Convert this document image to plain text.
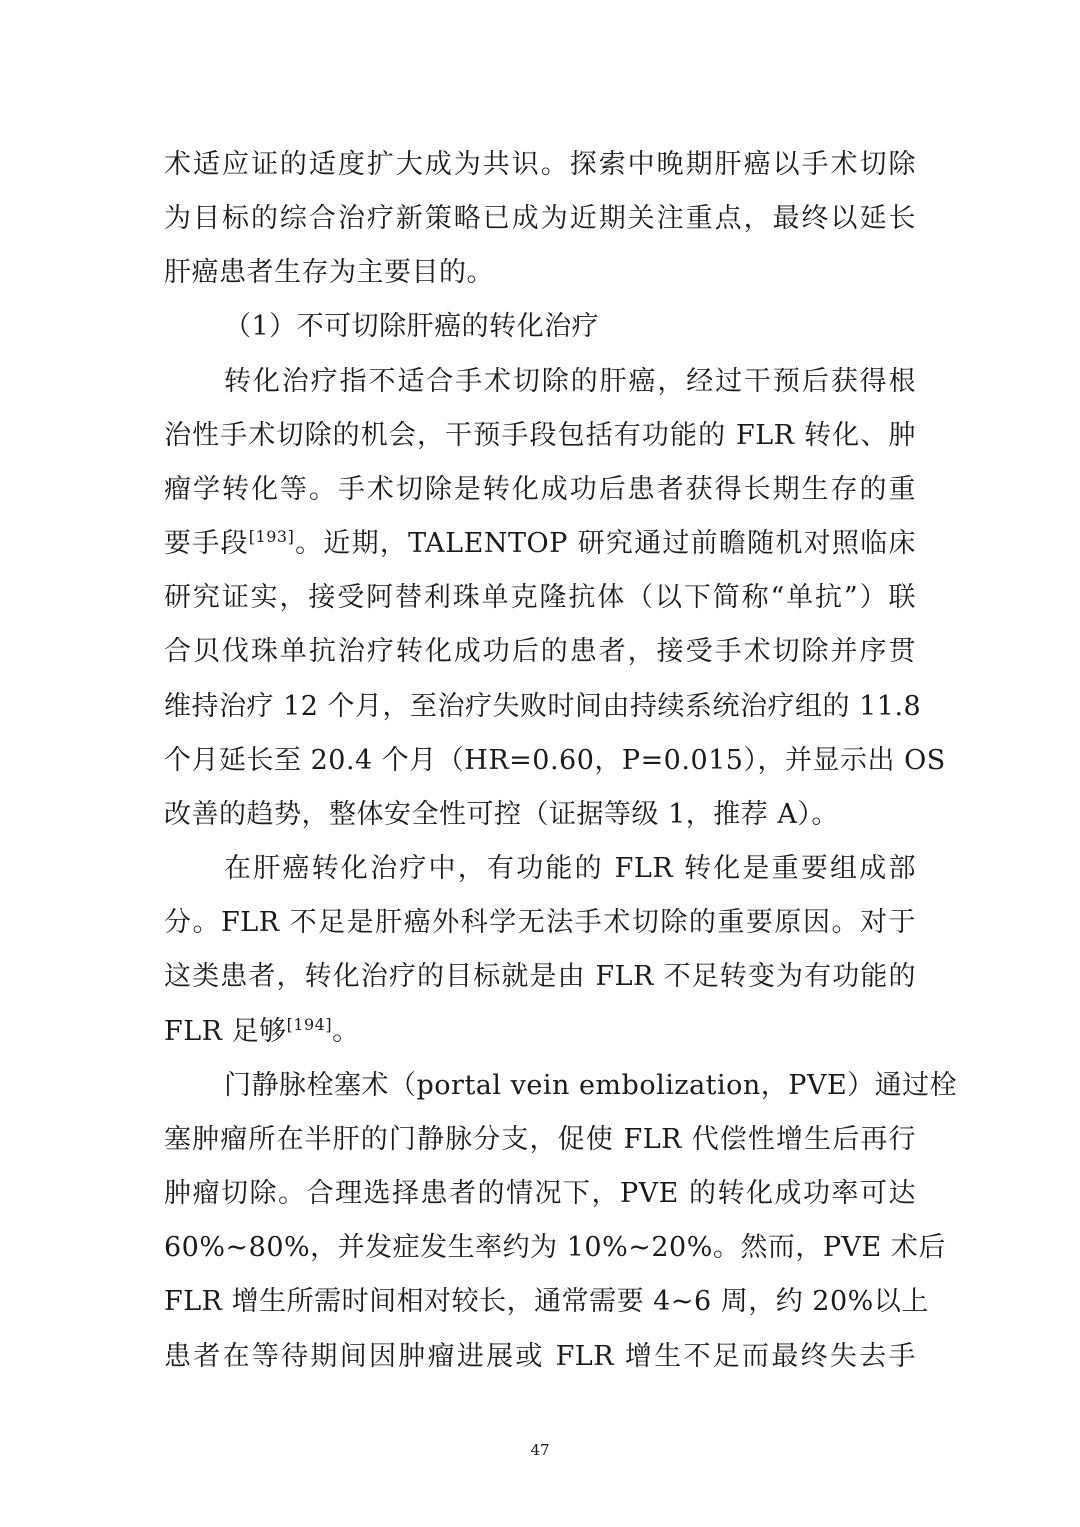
术适应证的适度扩大成为共识。探索中晚期肝癌以手术切除
为目标的综合治疗新策略已成为近期关注重点，最终以延长
肝癌患者生存为主要目的。
（1）不可切除肝癌的转化治疗
转化治疗指不适合手术切除的肝癌，经过干预后获得根
治性手术切除的机会，干预手段包括有功能的 FLR 转化、肿
瘤学转化等。手术切除是转化成功后患者获得长期生存的重
要手段[193]。近期，TALENTOP 研究通过前瞻随机对照临床
研究证实，接受阿替利珠单克隆抗体（以下简称“单抗”）联
合贝伐珠单抗治疗转化成功后的患者，接受手术切除并序贯
维持治疗 12 个月，至治疗失败时间由持续系统治疗组的 11.8
个月延长至 20.4 个月（HR=0.60，P=0.015），并显示出 OS
改善的趋势，整体安全性可控（证据等级 1，推荐 A）。
在肝癌转化治疗中，有功能的 FLR 转化是重要组成部
分。FLR 不足是肝癌外科学无法手术切除的重要原因。对于
这类患者，转化治疗的目标就是由 FLR 不足转变为有功能的
FLR 足够[194]。
门静脉栓塞术（portal vein embolization，PVE）通过栓
塞肿瘤所在半肝的门静脉分支，促使 FLR 代偿性增生后再行
肿瘤切除。合理选择患者的情况下，PVE 的转化成功率可达
60%~80%，并发症发生率约为 10%~20%。然而，PVE 术后
FLR 增生所需时间相对较长，通常需要 4~6 周，约 20%以上
患者在等待期间因肿瘤进展或 FLR 增生不足而最终失去手
47
